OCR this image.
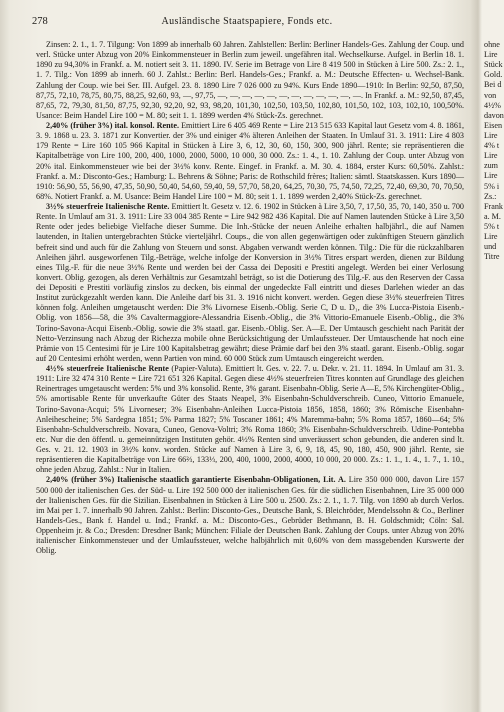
278	Ausländische Staatspapiere, Fonds etc.

Zinsen: 2. 1., 1. 7. Tilgung: Von 1899 ab innerhalb 60 Jahren. Zahlstellen: Berlin: Berliner Handels-Ges. Zahlung der Coup. und verl. Stücke unter Abzug von 20% Einkommensteuer in Berlin zum jeweil. ungefähren ital. Wechselkurse. Aufgel. in Berlin 18. 1. 1890 zu 94,30% in Frankf. a. M. notiert seit 3. 11. 1890. IV. Serie im Betrage von Lire 8 419 500 in Stücken à Lire 500. Zs.: 2. 1., 1. 7. Tilg.: Von 1899 ab innerh. 60 J. Zahlst.: Berlin: Berl. Handels-Ges.; Frankf. a. M.: Deutsche Effecten- u. Wechsel-Bank. Zahlung der Coup. wie bei Ser. III. Aufgel. 23. 8. 1890 Lire 7 026 000 zu 94%. Kurs Ende 1890—1910: In Berlin: 92,50, 87,50, 87,75, 72,10, 78,75, 80,75, 88,25, 92,60, 93, —, 97,75, —, —, —, —, —, —, —, —, —, —, —, —. In Frankf. a. M.: 92,50, 87,45, 87,65, 72, 79,30, 81,50, 87,75, 92,30, 92,20, 92, 93, 98,20, 101,30, 102,50, 103,50, 102,80, 101,50, 102, 103, 102,10, 100,50%. Usance: Beim Handel Lire 100 = M. 80; seit 1. 1. 1899 werden 4% Stück-Zs. gerechnet.

2,40% (früher 3%) ital. konsol. Rente. Emittiert Lire 6 405 469 Rente = Lire 213 515 633 Kapital laut Gesetz vom 4. 8. 1861, 3. 9. 1868 u. 23. 3. 1871 zur Konvertier. der 3% und einiger 4% älteren Anleihen der Staaten. In Umlauf 31. 3. 1911: Lire 4 803 179 Rente = Lire 160 105 966 Kapital in Stücken à Lire 3, 6, 12, 30, 60, 150, 300, 900 jährl. Rente; sie repräsentieren die Kapitalbeträge von Lire 100, 200, 400, 1000, 2000, 5000, 10 000, 30 000. Zs.: 1. 4., 1. 10. Zahlung der Coup. unter Abzug von 20% ital. Einkommensteuer wie bei der 3½% konv. Rente. Eingef. in Frankf. a. M. 30. 4. 1884, erster Kurs: 60,50%. Zahlst.: Frankf. a. M.: Disconto-Ges.; Hamburg: L. Behrens & Söhne; Paris: de Rothschild frères; Italien: sämtl. Staatskassen. Kurs 1890—1910: 56,90, 55, 56,90, 47,35, 50,90, 50,40, 54,60, 59,40, 59, 57,70, 58,20, 64,25, 70,30, 75, 74,50, 72,25, 72,40, 69,30, 70, 70,50, 68%. Notiert Frankf. a. M. Usance: Beim Handel Lire 100 = M. 80; seit 1. 1. 1899 werden 2,40% Stück-Zs. gerechnet.

3½% steuerfreie Italienische Rente. Emittiert lt. Gesetz v. 12. 6. 1902 in Stücken à Lire 3,50, 7, 17,50, 35, 70, 140, 350 u. 700 Rente. In Umlauf am 31. 3. 1911: Lire 33 004 385 Rente = Lire 942 982 436 Kapital. Die auf Namen lautenden Stücke à Lire 3,50 Rente oder jedes beliebige Vielfache dieser Summe. Die Inh.-Stücke der neuen Anleihe erhalten halbjährl., die auf Namen lautenden, in Italien untergebrachten Stücke vierteljährl. Coups., die von allen gegenwärtigen oder zukünftigen Steuern gänzlich befreit sind und auch für die Zahlung von Steuern und sonst. Abgaben verwandt werden können. Tilg.: Die für die rückzahlbaren Anleihen jährl. ausgeworfenen Tilg.-Beträge, welche infolge der Konversion in 3½% Titres erspart werden, dienen zur Bildung eines Tilg.-F. für die neue 3½% Rente und werden bei der Cassa dei Depositi e Prestiti angelegt. Werden bei einer Verlosung konvert. Oblig. gezogen, als deren Verhältnis zur Gesamtzahl beträgt, so ist die Dotierung des Tilg.-F. aus den Reserven der Cassa dei Depositi e Prestiti vorläufig zinslos zu decken, bis einmal der ungedeckte Fall eintritt und dieses Darlehen wieder an das Institut zurückgezahlt werden kann. Die Anleihe darf bis 31. 3. 1916 nicht konvert. werden. Gegen diese 3½% steuerfreien Titres können folg. Anleihen umgetauscht werden: Die 3% Livornese Eisenb.-Oblig. Serie C, D u. D₁, die 3% Lucca-Pistoia Eisenb.-Oblig. von 1856—58, die 3% Cavaltermaggiore-Alessandria Eisenb.-Oblig., die 3% Vittorio-Emanuele Eisenb.-Oblig., die 3% Torino-Savona-Acqui Eisenb.-Oblig. sowie die 3% staatl. gar. Eisenb.-Oblig. Ser. A—E. Der Umtausch geschieht nach Parität der Netto-Verzinsung nach Abzug der Richezza mobile ohne Berücksichtigung der Umlaufssteuer. Der Umtauschende hat noch eine Prämie von 15 Centesimi für je Lire 100 Kapitalsbetrag gewährt; diese Prämie darf bei den 3% staatl. garant. Eisenb.-Oblig. sogar auf 20 Centesimi erhöht werden, wenn Partien von mind. 60 000 Stück zum Umtausch eingereicht werden.

4½% steuerfreie Italienische Rente (Papier-Valuta). Emittiert lt. Ges. v. 22. 7. u. Dekr. v. 21. 11. 1894. In Umlauf am 31. 3. 1911: Lire 32 474 310 Rente = Lire 721 651 326 Kapital. Gegen diese 4½% steuerfreien Titres konnten auf Grundlage des gleichen Reinertrages umgetauscht werden: 5% und 3% konsolid. Rente, 3% garant. Eisenbahn-Oblig. Serie A—E, 5% Kirchengüter-Oblig., 5% amortisable Rente für unverkaufte Güter des Staats Neapel, 3% Eisenbahn-Schuldverschreib. Cuneo, Vittorio Emanuele, Torino-Savona-Acqui; 5% Livorneser; 3% Eisenbahn-Anleihen Lucca-Pistoia 1856, 1858, 1860; 3% Römische Eisenbahn-Anleihescheine; 5% Sardegna 1851; 5% Parma 1827; 5% Toscaner 1861; 4% Maremma-bahn; 5% Roma 1857, 1860—64; 5% Eisenbahn-Schuldverschreib. Novara, Cuneo, Genova-Voltri; 3% Roma 1860; 3% Eisenbahn-Schuldverschreib. Udine-Pontebba etc. Nur die den öffentl. u. gemeinnützigen Instituten gehör. 4½% Renten sind unveräussert schon gebunden, die anderen sind lt. Ges. v. 21. 12. 1903 in 3½% konv. worden. Stücke auf Namen à Lire 3, 6, 9, 18, 45, 90, 180, 450, 900 jährl. Rente, sie repräsentieren die Kapitalbeträge von Lire 66⅔, 133⅓, 200, 400, 1000, 2000, 4000, 10 000, 20 000. Zs.: 1. 1., 1. 4., 1. 7., 1. 10., ohne jeden Abzug. Zahlst.: Nur in Italien.

2,40% (früher 3%) Italienische staatlich garantierte Eisenbahn-Obligationen, Lit. A. Lire 350 000 000, davon Lire 157 500 000 der italienischen Ges. der Süd- u. Lire 192 500 000 der italienischen Ges. für die südlichen Eisenbahnen, Lire 35 000 000 der Italienischen Ges. für die Sizilian. Eisenbahnen in Stücken à Lire 500 u. 2500. Zs.: 2. 1., 1. 7. Tilg. von 1890 ab durch Verlos. im Mai per 1. 7. innerhalb 90 Jahren. Zahlst.: Berlin: Disconto-Ges., Deutsche Bank, S. Bleichröder, Mendelssohn & Co., Berliner Handels-Ges., Bank f. Handel u. Ind.; Frankf. a. M.: Disconto-Ges., Gebrüder Bethmann, B. H. Goldschmidt; Cöln: Sal. Oppenheim jr. & Co.; Dresden: Dresdner Bank; München: Filiale der Deutschen Bank. Zahlung der Coups. unter Abzug von 20% italienischer Einkommensteuer und der Umlaufssteuer, welche halbjährlich mit 0,60% von dem massgebenden Kurswerte der Oblig.

ohne
Lire
Stück
Gold.
Bei d
von
4½%
davon
Eisen
Lire
4% t
Lire
zum
Lire
5% i
Zs.:
Frank
a. M.
5% t
Lire
und
Titre
